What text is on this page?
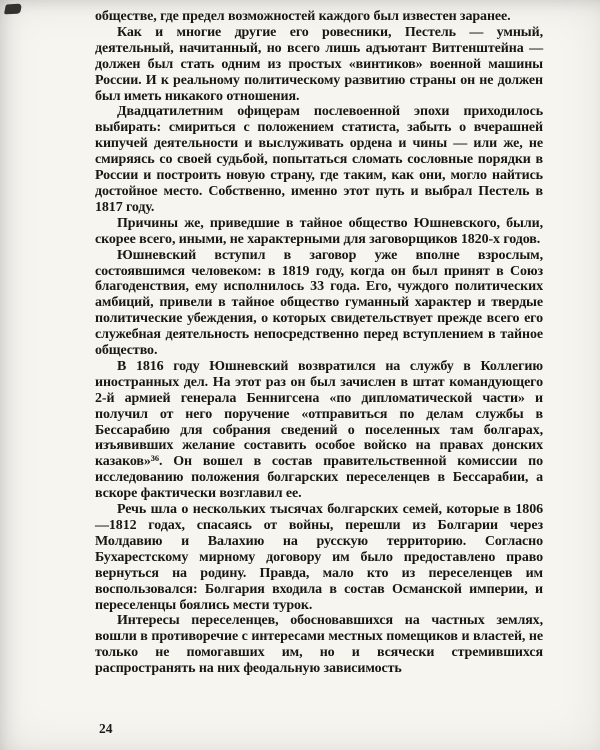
обществе, где предел возможностей каждого был известен заранее.

Как и многие другие его ровесники, Пестель — умный, деятельный, начитанный, но всего лишь адъютант Витгенштейна — должен был стать одним из простых «винтиков» военной машины России. И к реальному политическому развитию страны он не должен был иметь никакого отношения.

Двадцатилетним офицерам послевоенной эпохи приходилось выбирать: смириться с положением статиста, забыть о вчерашней кипучей деятельности и выслуживать ордена и чины — или же, не смиряясь со своей судьбой, попытаться сломать сословные порядки в России и построить новую страну, где таким, как они, могло найтись достойное место. Собственно, именно этот путь и выбрал Пестель в 1817 году.

Причины же, приведшие в тайное общество Юшневского, были, скорее всего, иными, не характерными для заговорщиков 1820-х годов.

Юшневский вступил в заговор уже вполне взрослым, состоявшимся человеком: в 1819 году, когда он был принят в Союз благоденствия, ему исполнилось 33 года. Его, чуждого политических амбиций, привели в тайное общество гуманный характер и твердые политические убеждения, о которых свидетельствует прежде всего его служебная деятельность непосредственно перед вступлением в тайное общество.

В 1816 году Юшневский возвратился на службу в Коллегию иностранных дел. На этот раз он был зачислен в штат командующего 2-й армией генерала Беннигсена «по дипломатической части» и получил от него поручение «отправиться по делам службы в Бессарабию для собрания сведений о поселенных там болгарах, изъявивших желание составить особое войско на правах донских казаков»³⁶. Он вошел в состав правительственной комиссии по исследованию положения болгарских переселенцев в Бессарабии, а вскоре фактически возглавил ее.

Речь шла о нескольких тысячах болгарских семей, которые в 1806—1812 годах, спасаясь от войны, перешли из Болгарии через Молдавию и Валахию на русскую территорию. Согласно Бухарестскому мирному договору им было предоставлено право вернуться на родину. Правда, мало кто из переселенцев им воспользовался: Болгария входила в состав Османской империи, и переселенцы боялись мести турок.

Интересы переселенцев, обосновавшихся на частных землях, вошли в противоречие с интересами местных помещиков и властей, не только не помогавших им, но и всячески стремившихся распространять на них феодальную зависимость

24
